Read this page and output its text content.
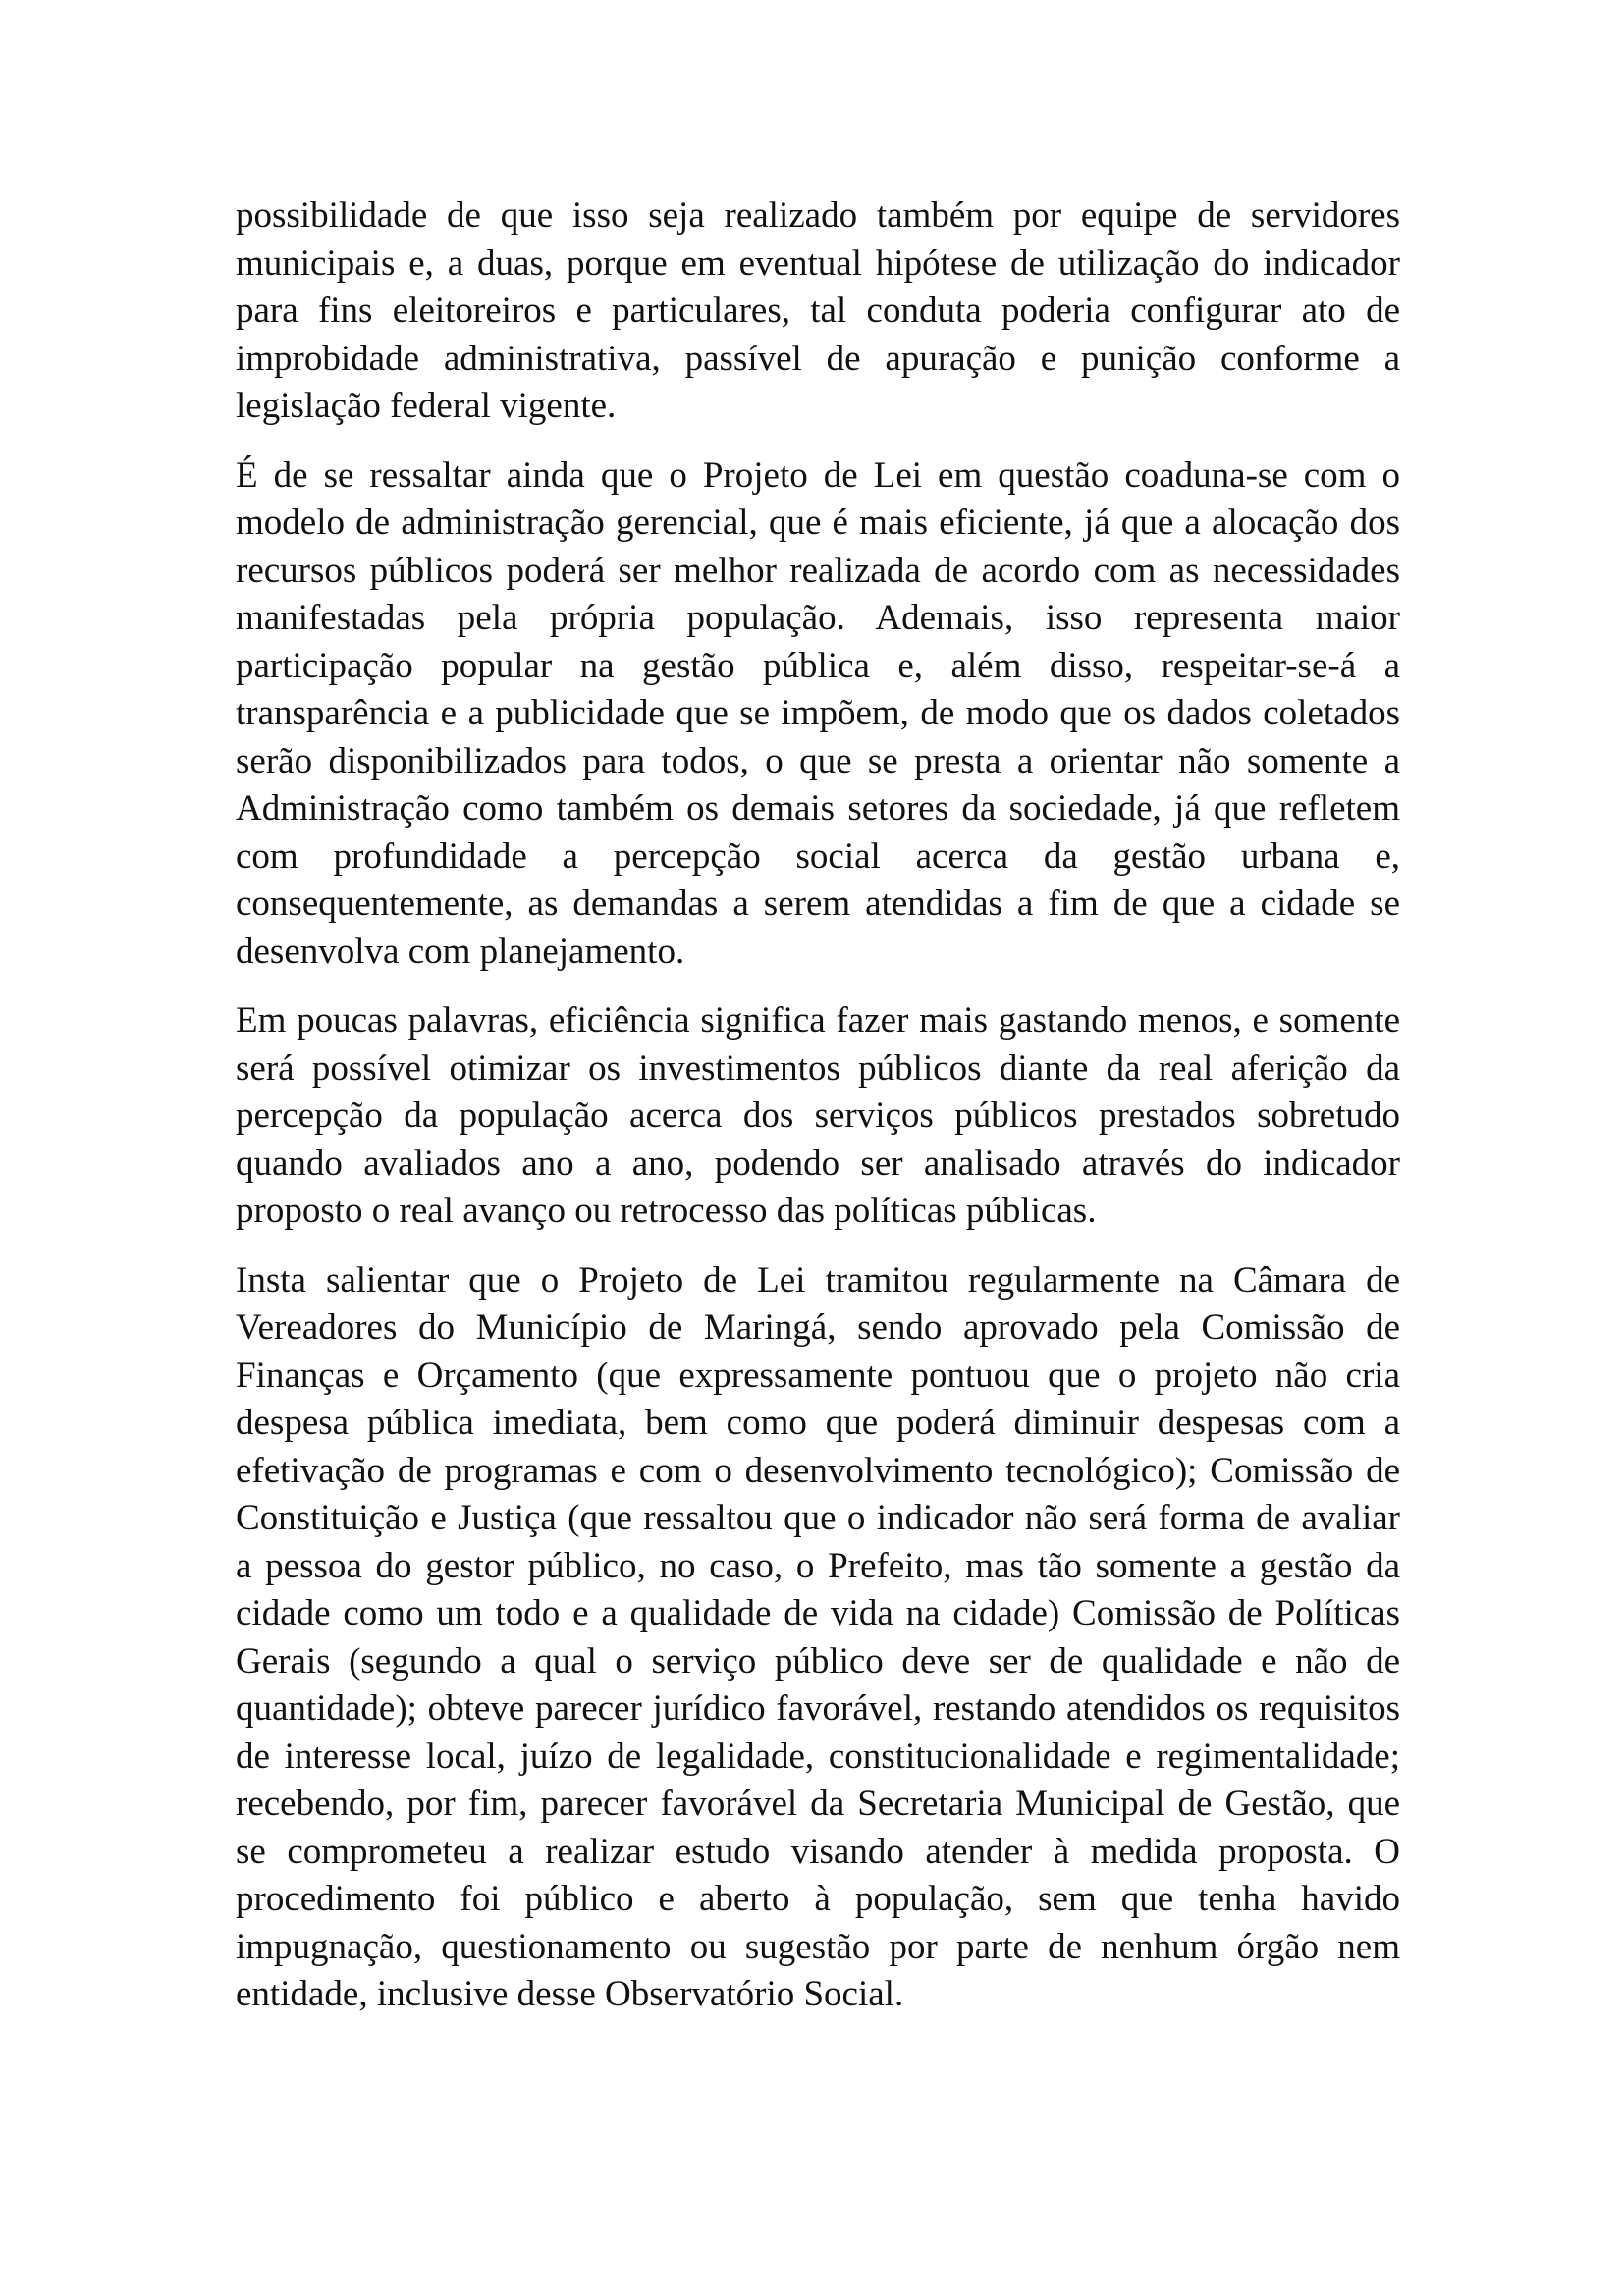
possibilidade de que isso seja realizado também por equipe de servidores municipais e, a duas, porque em eventual hipótese de utilização do indicador para fins eleitoreiros e particulares, tal conduta poderia configurar ato de improbidade administrativa, passível de apuração e punição conforme a legislação federal vigente.

É de se ressaltar ainda que o Projeto de Lei em questão coaduna-se com o modelo de administração gerencial, que é mais eficiente, já que a alocação dos recursos públicos poderá ser melhor realizada de acordo com as necessidades manifestadas pela própria população. Ademais, isso representa maior participação popular na gestão pública e, além disso, respeitar-se-á a transparência e a publicidade que se impõem, de modo que os dados coletados serão disponibilizados para todos, o que se presta a orientar não somente a Administração como também os demais setores da sociedade, já que refletem com profundidade a percepção social acerca da gestão urbana e, consequentemente, as demandas a serem atendidas a fim de que a cidade se desenvolva com planejamento.

Em poucas palavras, eficiência significa fazer mais gastando menos, e somente será possível otimizar os investimentos públicos diante da real aferição da percepção da população acerca dos serviços públicos prestados sobretudo quando avaliados ano a ano, podendo ser analisado através do indicador proposto o real avanço ou retrocesso das políticas públicas.

Insta salientar que o Projeto de Lei tramitou regularmente na Câmara de Vereadores do Município de Maringá, sendo aprovado pela Comissão de Finanças e Orçamento (que expressamente pontuou que o projeto não cria despesa pública imediata, bem como que poderá diminuir despesas com a efetivação de programas e com o desenvolvimento tecnológico); Comissão de Constituição e Justiça (que ressaltou que o indicador não será forma de avaliar a pessoa do gestor público, no caso, o Prefeito, mas tão somente a gestão da cidade como um todo e a qualidade de vida na cidade) Comissão de Políticas Gerais (segundo a qual o serviço público deve ser de qualidade e não de quantidade); obteve parecer jurídico favorável, restando atendidos os requisitos de interesse local, juízo de legalidade, constitucionalidade e regimentalidade; recebendo, por fim, parecer favorável da Secretaria Municipal de Gestão, que se comprometeu a realizar estudo visando atender à medida proposta. O procedimento foi público e aberto à população, sem que tenha havido impugnação, questionamento ou sugestão por parte de nenhum órgão nem entidade, inclusive desse Observatório Social.
